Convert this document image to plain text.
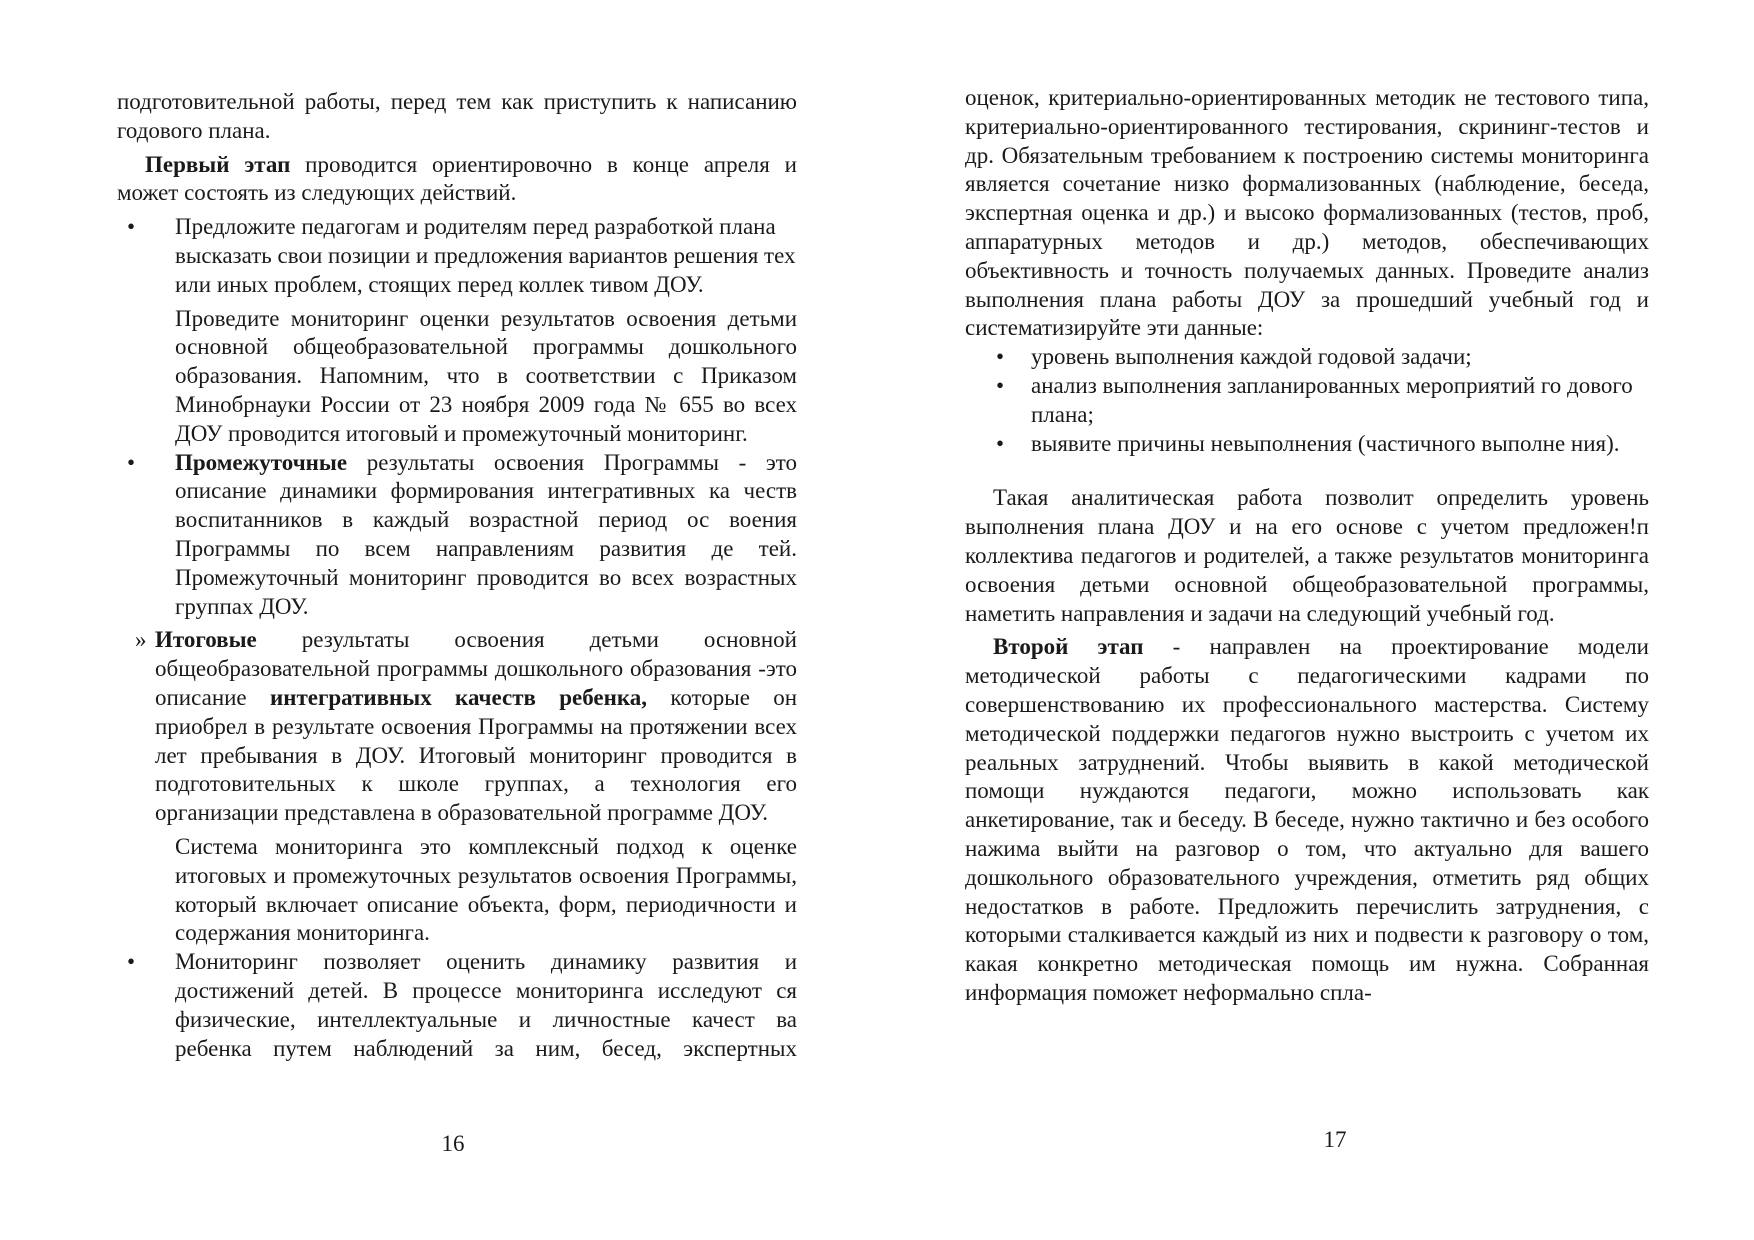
подготовительной работы, перед тем как приступить к написанию годового плана.

Первый этап проводится ориентировочно в конце апреля и может состоять из следующих действий.

•	Предложите педагогам и родителям перед разработкой плана высказать свои позиции и предложения вариантов решения тех или иных проблем, стоящих перед коллек тивом ДОУ.

Проведите мониторинг оценки результатов освоения детьми основной общеобразовательной программы дошкольного образования. Напомним, что в соответствии с Приказом Минобрнауки России от 23 ноября 2009 года № 655 во всех ДОУ проводится итоговый и промежуточный мониторинг.

•	Промежуточные результаты освоения Программы - это описание динамики формирования интегративных ка честв воспитанников в каждый возрастной период ос воения Программы по всем направлениям развития де тей. Промежуточный мониторинг проводится во всех возрастных группах ДОУ.

» Итоговые результаты освоения детьми основной общеобразовательной программы дошкольного образования -это описание интегративных качеств ребенка, которые он приобрел в результате освоения Программы на протяжении всех лет пребывания в ДОУ. Итоговый мониторинг проводится в подготовительных к школе группах, а технология его организации представлена в образовательной программе ДОУ.

Система мониторинга это комплексный подход к оценке итоговых и промежуточных результатов освоения Программы, который включает описание объекта, форм, периодичности и содержания мониторинга.

•	Мониторинг позволяет оценить динамику развития и достижений детей. В процессе мониторинга исследуют ся физические, интеллектуальные и личностные качест ва ребенка путем наблюдений за ним, бесед, экспертных

16

оценок, критериально-ориентированных методик не тестового типа, критериально-ориентированного тестирования, скрининг-тестов и др. Обязательным требованием к построению системы мониторинга является сочетание низко формализованных (наблюдение, беседа, экспертная оценка и др.) и высоко формализованных (тестов, проб, аппаратурных методов и др.) методов, обеспечивающих объективность и точность получаемых данных. Проведите анализ выполнения плана работы ДОУ за прошедший учебный год и

систематизируйте эти данные:

•	уровень выполнения каждой годовой задачи;

•	анализ выполнения запланированных мероприятий го дового плана;

•	выявите причины невыполнения (частичного выполне ния).

Такая аналитическая работа позволит определить уровень выполнения плана ДОУ и на его основе с учетом предложен!п коллектива педагогов и родителей, а также результатов мониторинга освоения детьми основной общеобразовательной программы, наметить направления и задачи на следующий учебный год.

Второй этап - направлен на проектирование модели методической работы с педагогическими кадрами по совершенствованию их профессионального мастерства. Системy методической поддержки педагогов нужно выстроить с учетом их реальных затруднений. Чтобы выявить в какой методической помощи нуждаются педагоги, можно использовать как анкетирование, так и беседу. В беседе, нужно тактично и без особого нажима выйти на разговор о том, что актуально для вашего дошкольного образовательного учреждения, отметить ряд общих недостатков в работе. Предложить перечислить затруднения, с которыми сталкивается каждый из них и подвести к разговору о том, какая конкретно методическая помощь им нужна. Собранная информация поможет неформально спла-

17
